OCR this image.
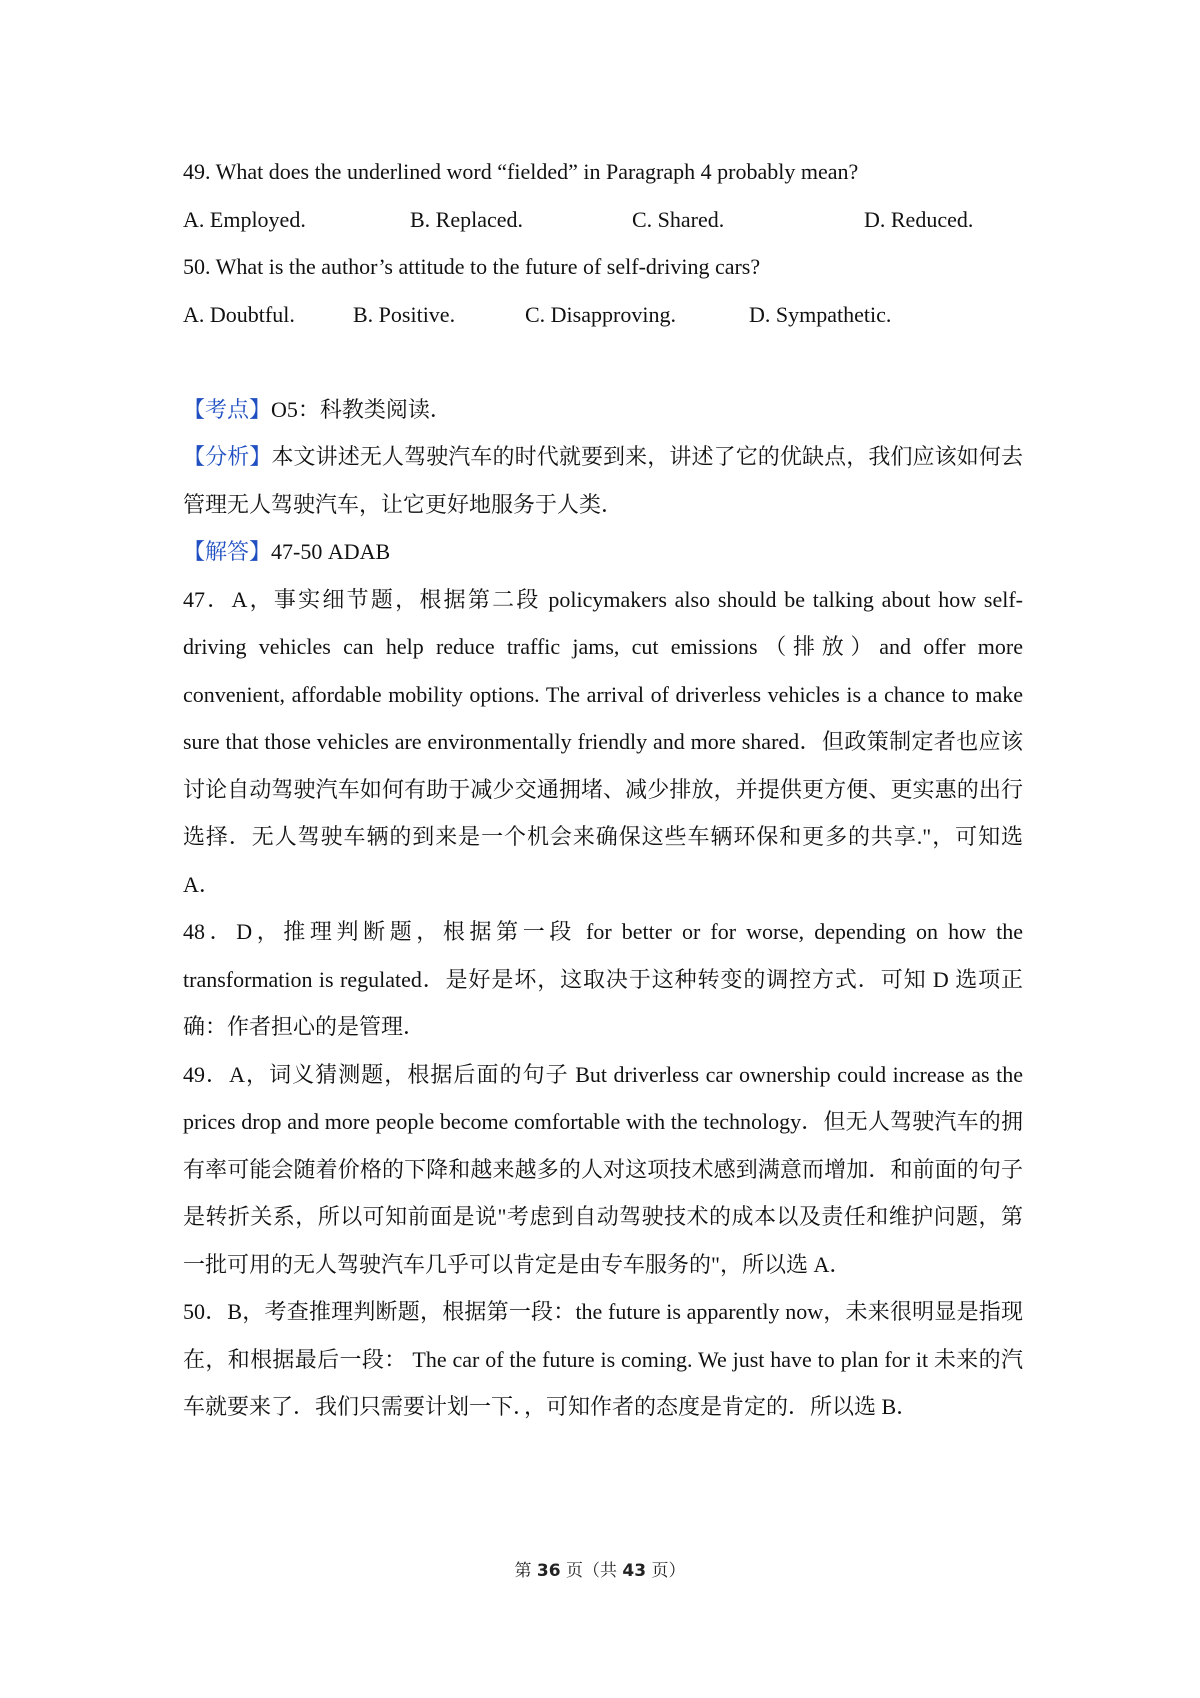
49. What does the underlined word “fielded” in Paragraph 4 probably mean?
A. Employed.	B. Replaced.	C. Shared.	D. Reduced.
50. What is the author’s attitude to the future of self-driving cars?
A. Doubtful.	B. Positive.	C. Disapproving.	D. Sympathetic.
【考点】O5：科教类阅读．

【分析】本文讲述无人驾驶汽车的时代就要到来，讲述了它的优缺点，我们应该如何去管理无人驾驶汽车，让它更好地服务于人类．

【解答】47-50 ADAB

47．A，事实细节题，根据第二段 policymakers also should be talking about how self-driving vehicles can help reduce traffic jams, cut emissions（排放）and offer more convenient, affordable mobility options. The arrival of driverless vehicles is a chance to make sure that those vehicles are environmentally friendly and more shared．但政策制定者也应该讨论自动驾驶汽车如何有助于减少交通拥堵、减少排放，并提供更方便、更实惠的出行选择．无人驾驶车辆的到来是一个机会来确保这些车辆环保和更多的共享."，可知选 A．

48．D，推理判断题，根据第一段 for better or for worse, depending on how the transformation is regulated．是好是坏，这取决于这种转变的调控方式．可知 D 选项正确：作者担心的是管理．

49．A，词义猜测题，根据后面的句子 But driverless car ownership could increase as the prices drop and more people become comfortable with the technology．但无人驾驶汽车的拥有率可能会随着价格的下降和越来越多的人对这项技术感到满意而增加．和前面的句子是转折关系，所以可知前面是说"考虑到自动驾驶技术的成本以及责任和维护问题，第一批可用的无人驾驶汽车几乎可以肯定是由专车服务的"，所以选 A．

50．B，考查推理判断题，根据第一段：the future is apparently now，未来很明显是指现在，和根据最后一段： The car of the future is coming. We just have to plan for it 未来的汽车就要来了．我们只需要计划一下．，可知作者的态度是肯定的．所以选 B．

第 36 页（共 43 页）
